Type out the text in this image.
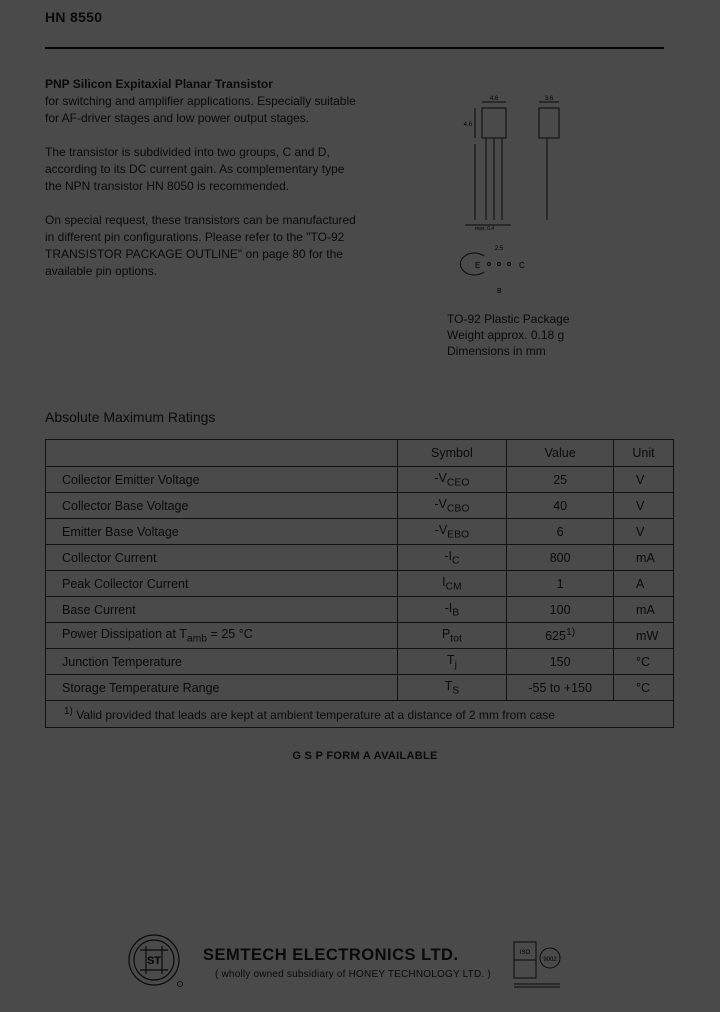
HN 8550

PNP Silicon Expitaxial Planar Transistor

for switching and amplifier applications. Especially suitable

for AF-driver stages and low power output stages.

The transistor is subdivided into two groups, C and D,

according to its DC current gain. As complementary type

the NPN transistor HN 8050 is recommended.

On special request, these transistors can be manufactured

in different pin configurations. Please refer to the "TO-92

TRANSISTOR PACKAGE OUTLINE" on page 80 for the

available pin options.

4.6	3.6
4.6
max. 0.4
2.5
E	C
B
TO-92 Plastic Package
Weight approx. 0.18 g
Dimensions in mm
Absolute Maximum Ratings
	Symbol	Value	Unit
Collector Emitter Voltage	$-V_{CEO}$	25	V
Collector Base Voltage	$-V_{CBO}$	40	V
Emitter Base Voltage	$-V_{EBO}$	6	V
Collector Current	$-I_C$	800	mA
Peak Collector Current	$I_{CM}$	1	A
Base Current	$-I_B$	100	mA
Power Dissipation at $T_{amb} = 25$ °C	$P_{tot}$	625$^{1)}$	mW
Junction Temperature	$T_j$	150	°C
Storage Temperature Range	$T_S$	-55 to +150	°C
$^{1)}$ Valid provided that leads are kept at ambient temperature at a distance of 2 mm from case			
G S P FORM A AVAILABLE
ST	SEMTECH ELECTRONICS LTD.
( wholly owned subsidiary of HONEY TECHNOLOGY LTD. )
ISO
9002
